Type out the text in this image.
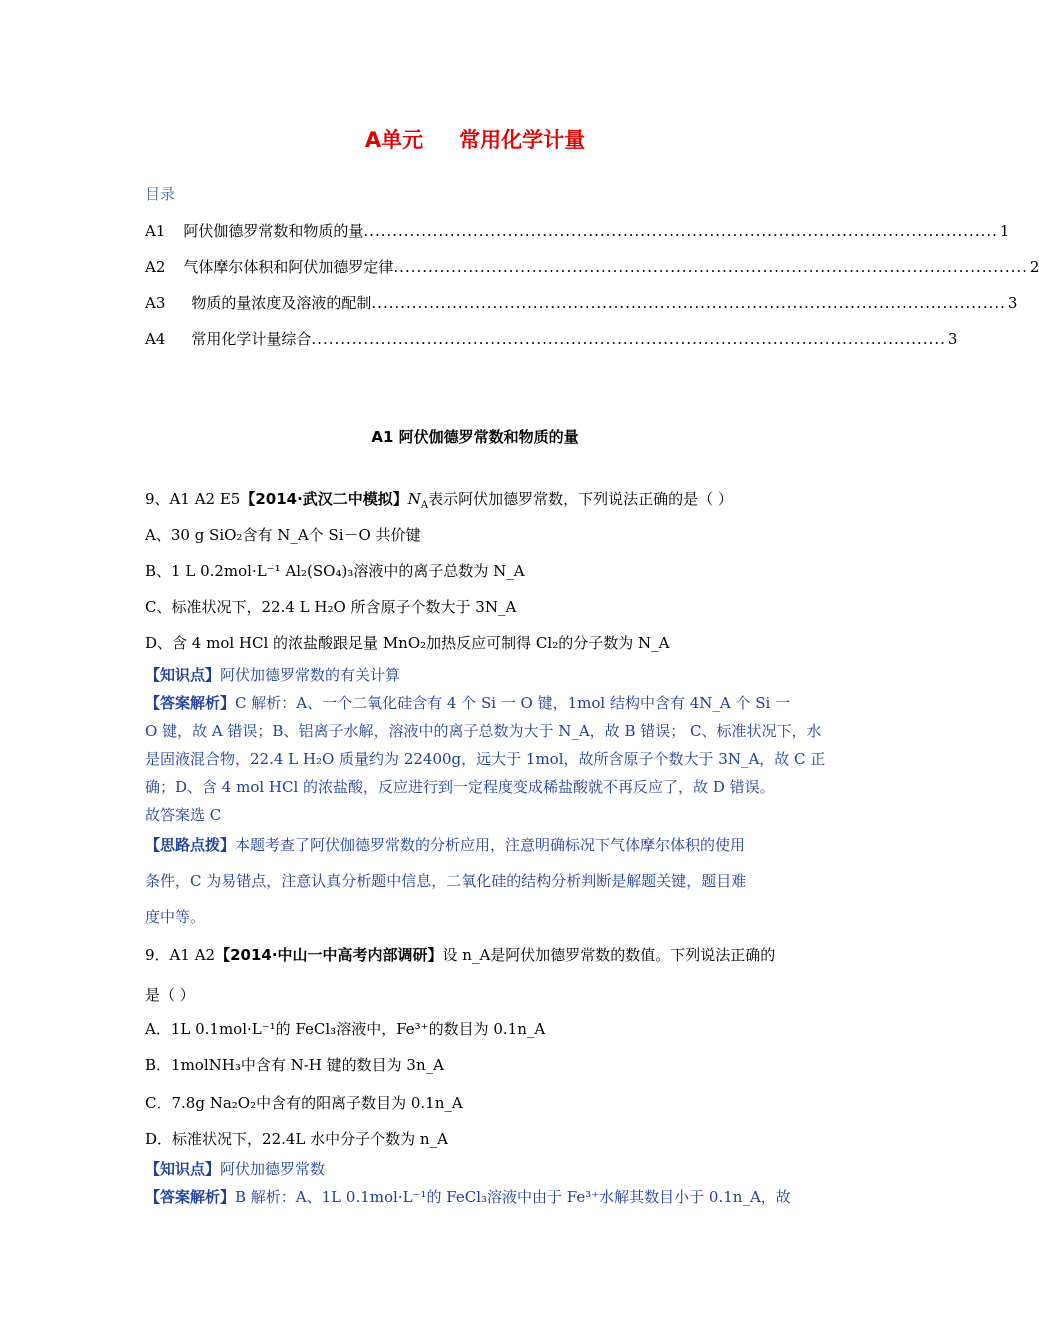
A单元 常用化学计量
目录
A1 阿伏伽德罗常数和物质的量 .............................................................................................................. 1
A2 气体摩尔体积和阿伏加德罗定律 .............................................................................................................. 2
A3 物质的量浓度及溶液的配制 .............................................................................................................. 3
A4 常用化学计量综合 .............................................................................................................. 3
A1 阿伏伽德罗常数和物质的量
9、A1 A2 E5【2014·武汉二中模拟】$N_A$表示阿伏加德罗常数，下列说法正确的是（ ）
A、30 g SiO₂含有 N_A个 Si－O 共价键
B、1 L 0.2mol·L⁻¹ Al₂(SO₄)₃溶液中的离子总数为 N_A
C、标准状况下，22.4 L H₂O 所含原子个数大于 3N_A
D、含 4 mol HCl 的浓盐酸跟足量 MnO₂加热反应可制得 Cl₂的分子数为 N_A
【知识点】阿伏加德罗常数的有关计算
【答案解析】C 解析：A、一个二氧化硅含有 4 个 Si 一 O 键，1mol 结构中含有 4N_A 个 Si 一
O 键，故 A 错误；B、铝离子水解，溶液中的离子总数为大于 N_A，故 B 错误； C、标准状况下，水
是固液混合物，22.4 L H₂O 质量约为 22400g，远大于 1mol，故所含原子个数大于 3N_A，故 C 正
确；D、含 4 mol HCl 的浓盐酸，反应进行到一定程度变成稀盐酸就不再反应了，故 D 错误。
故答案选 C
【思路点拨】本题考查了阿伏伽德罗常数的分析应用，注意明确标况下气体摩尔体积的使用
条件，C 为易错点，注意认真分析题中信息，二氧化硅的结构分析判断是解题关键，题目难
度中等。
9．A1 A2【2014·中山一中高考内部调研】设 n_A是阿伏加德罗常数的数值。下列说法正确的
是（ ）
A．1L 0.1mol·L⁻¹的 FeCl₃溶液中，Fe³⁺的数目为 0.1n_A
B．1molNH₃中含有 N-H 键的数目为 3n_A
C．7.8g Na₂O₂中含有的阳离子数目为 0.1n_A
D．标准状况下，22.4L 水中分子个数为 n_A
【知识点】阿伏加德罗常数
【答案解析】B 解析：A、1L 0.1mol·L⁻¹的 FeCl₃溶液中由于 Fe³⁺水解其数目小于 0.1n_A，故
